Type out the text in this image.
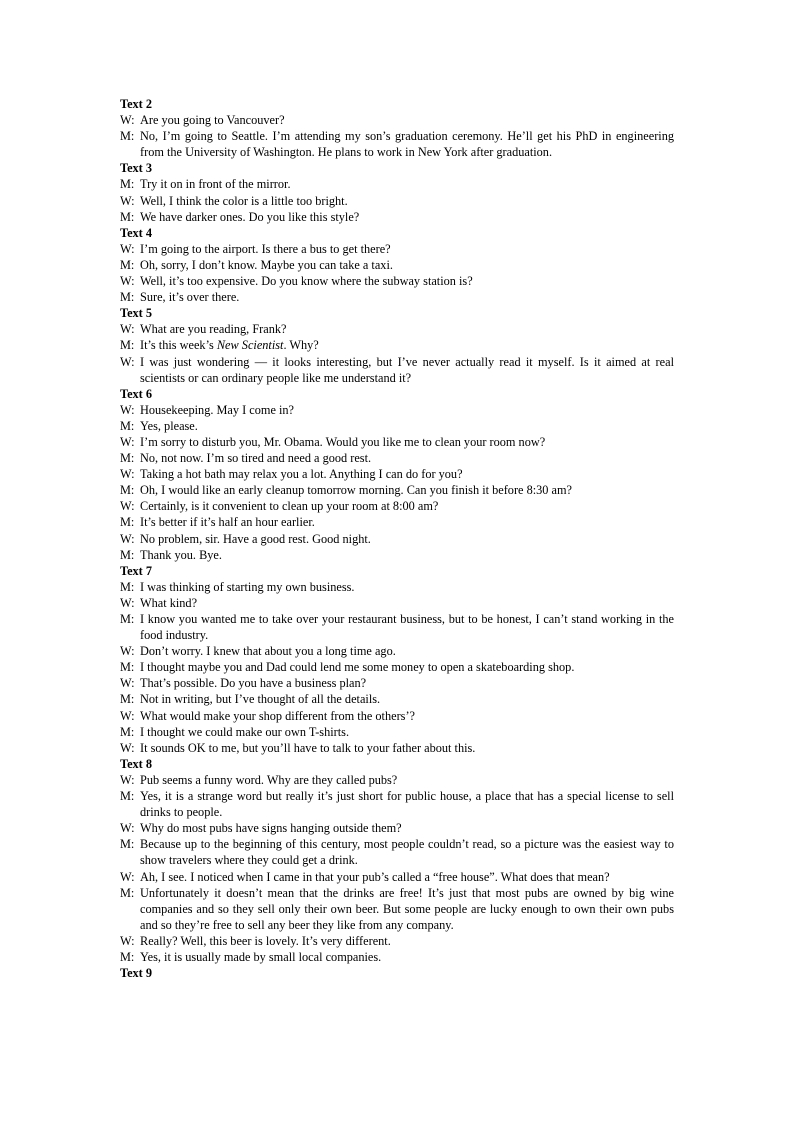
Text 2
W: Are you going to Vancouver?
M: No, I’m going to Seattle. I’m attending my son’s graduation ceremony. He’ll get his PhD in engineering from the University of Washington. He plans to work in New York after graduation.
Text 3
M: Try it on in front of the mirror.
W: Well, I think the color is a little too bright.
M: We have darker ones. Do you like this style?
Text 4
W: I’m going to the airport. Is there a bus to get there?
M: Oh, sorry, I don’t know. Maybe you can take a taxi.
W: Well, it’s too expensive. Do you know where the subway station is?
M: Sure, it’s over there.
Text 5
W: What are you reading, Frank?
M: It’s this week’s New Scientist. Why?
W: I was just wondering — it looks interesting, but I’ve never actually read it myself. Is it aimed at real scientists or can ordinary people like me understand it?
Text 6
W: Housekeeping. May I come in?
M: Yes, please.
W: I’m sorry to disturb you, Mr. Obama. Would you like me to clean your room now?
M: No, not now. I’m so tired and need a good rest.
W: Taking a hot bath may relax you a lot. Anything I can do for you?
M: Oh, I would like an early cleanup tomorrow morning. Can you finish it before 8:30 am?
W: Certainly, is it convenient to clean up your room at 8:00 am?
M: It’s better if it’s half an hour earlier.
W: No problem, sir. Have a good rest. Good night.
M: Thank you. Bye.
Text 7
M: I was thinking of starting my own business.
W: What kind?
M: I know you wanted me to take over your restaurant business, but to be honest, I can’t stand working in the food industry.
W: Don’t worry. I knew that about you a long time ago.
M: I thought maybe you and Dad could lend me some money to open a skateboarding shop.
W: That’s possible. Do you have a business plan?
M: Not in writing, but I’ve thought of all the details.
W: What would make your shop different from the others’?
M: I thought we could make our own T-shirts.
W: It sounds OK to me, but you’ll have to talk to your father about this.
Text 8
W: Pub seems a funny word. Why are they called pubs?
M: Yes, it is a strange word but really it’s just short for public house, a place that has a special license to sell drinks to people.
W: Why do most pubs have signs hanging outside them?
M: Because up to the beginning of this century, most people couldn’t read, so a picture was the easiest way to show travelers where they could get a drink.
W: Ah, I see. I noticed when I came in that your pub’s called a “free house”. What does that mean?
M: Unfortunately it doesn’t mean that the drinks are free! It’s just that most pubs are owned by big wine companies and so they sell only their own beer. But some people are lucky enough to own their own pubs and so they’re free to sell any beer they like from any company.
W: Really? Well, this beer is lovely. It’s very different.
M: Yes, it is usually made by small local companies.
Text 9
